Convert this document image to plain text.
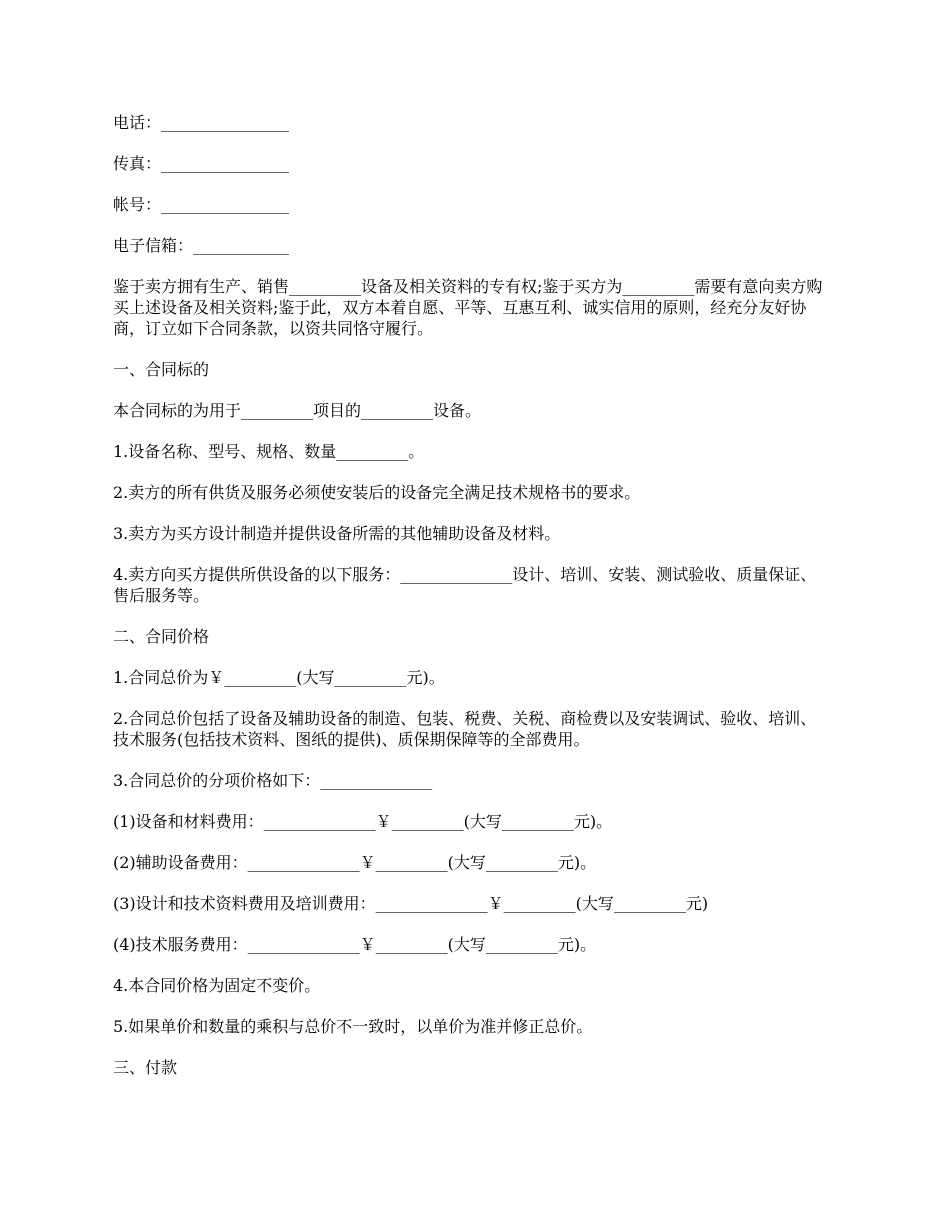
电话：________________

传真：________________

帐号：________________

电子信箱：____________

鉴于卖方拥有生产、销售_________设备及相关资料的专有权;鉴于买方为_________需要有意向卖方购买上述设备及相关资料;鉴于此，双方本着自愿、平等、互惠互利、诚实信用的原则，经充分友好协商，订立如下合同条款，以资共同恪守履行。

一、合同标的

本合同标的为用于_________项目的_________设备。

1.设备名称、型号、规格、数量_________。

2.卖方的所有供货及服务必须使安装后的设备完全满足技术规格书的要求。

3.卖方为买方设计制造并提供设备所需的其他辅助设备及材料。

4.卖方向买方提供所供设备的以下服务：______________设计、培训、安装、测试验收、质量保证、售后服务等。

二、合同价格

1.合同总价为￥_________(大写_________元)。

2.合同总价包括了设备及辅助设备的制造、包装、税费、关税、商检费以及安装调试、验收、培训、技术服务(包括技术资料、图纸的提供)、质保期保障等的全部费用。

3.合同总价的分项价格如下：______________

(1)设备和材料费用：______________￥_________(大写_________元)。

(2)辅助设备费用：______________￥_________(大写_________元)。

(3)设计和技术资料费用及培训费用：______________￥_________(大写_________元)

(4)技术服务费用：______________￥_________(大写_________元)。

4.本合同价格为固定不变价。

5.如果单价和数量的乘积与总价不一致时，以单价为准并修正总价。

三、付款
